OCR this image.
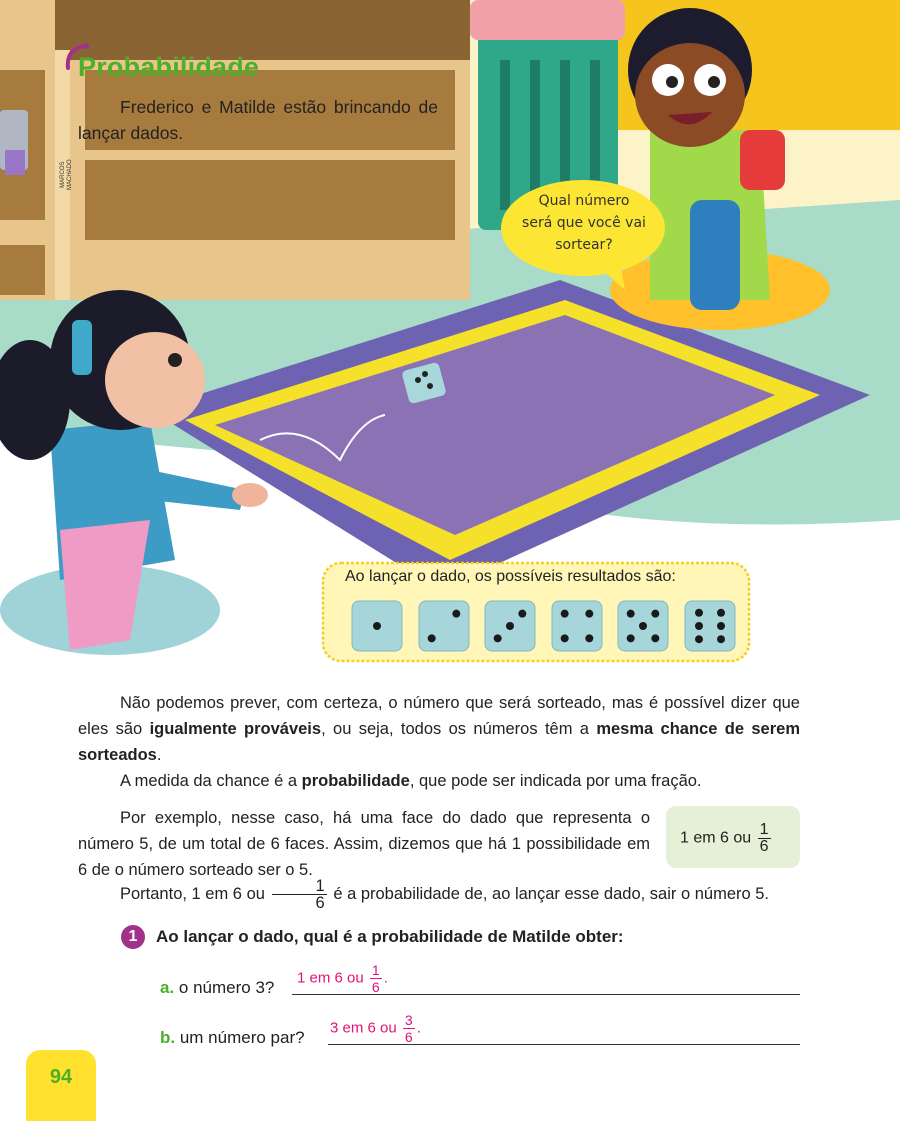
Probabilidade
Frederico e Matilde estão brincando de lançar dados.
MARCOS
MACHADO
Qual número
será que você vai
sortear?
Ao lançar o dado, os possíveis resultados são:
Não podemos prever, com certeza, o número que será sorteado, mas é possível dizer que eles são igualmente prováveis, ou seja, todos os números têm a mesma chance de serem sorteados.
A medida da chance é a probabilidade, que pode ser indicada por uma fração.
Por exemplo, nesse caso, há uma face do dado que representa o número 5, de um total de 6 faces. Assim, dizemos que há 1 possibilidade em 6 de o número sorteado ser o 5.
1 em 6 ou $\frac{1}{6}$
Portanto, 1 em 6 ou $\frac{1}{6}$ é a probabilidade de, ao lançar esse dado, sair o número 5.
1	Ao lançar o dado, qual é a probabilidade de Matilde obter:
a. o número 3?
1 em 6 ou $\frac{1}{6}$ .
b. um número par?
3 em 6 ou $\frac{3}{6}$ .
94
